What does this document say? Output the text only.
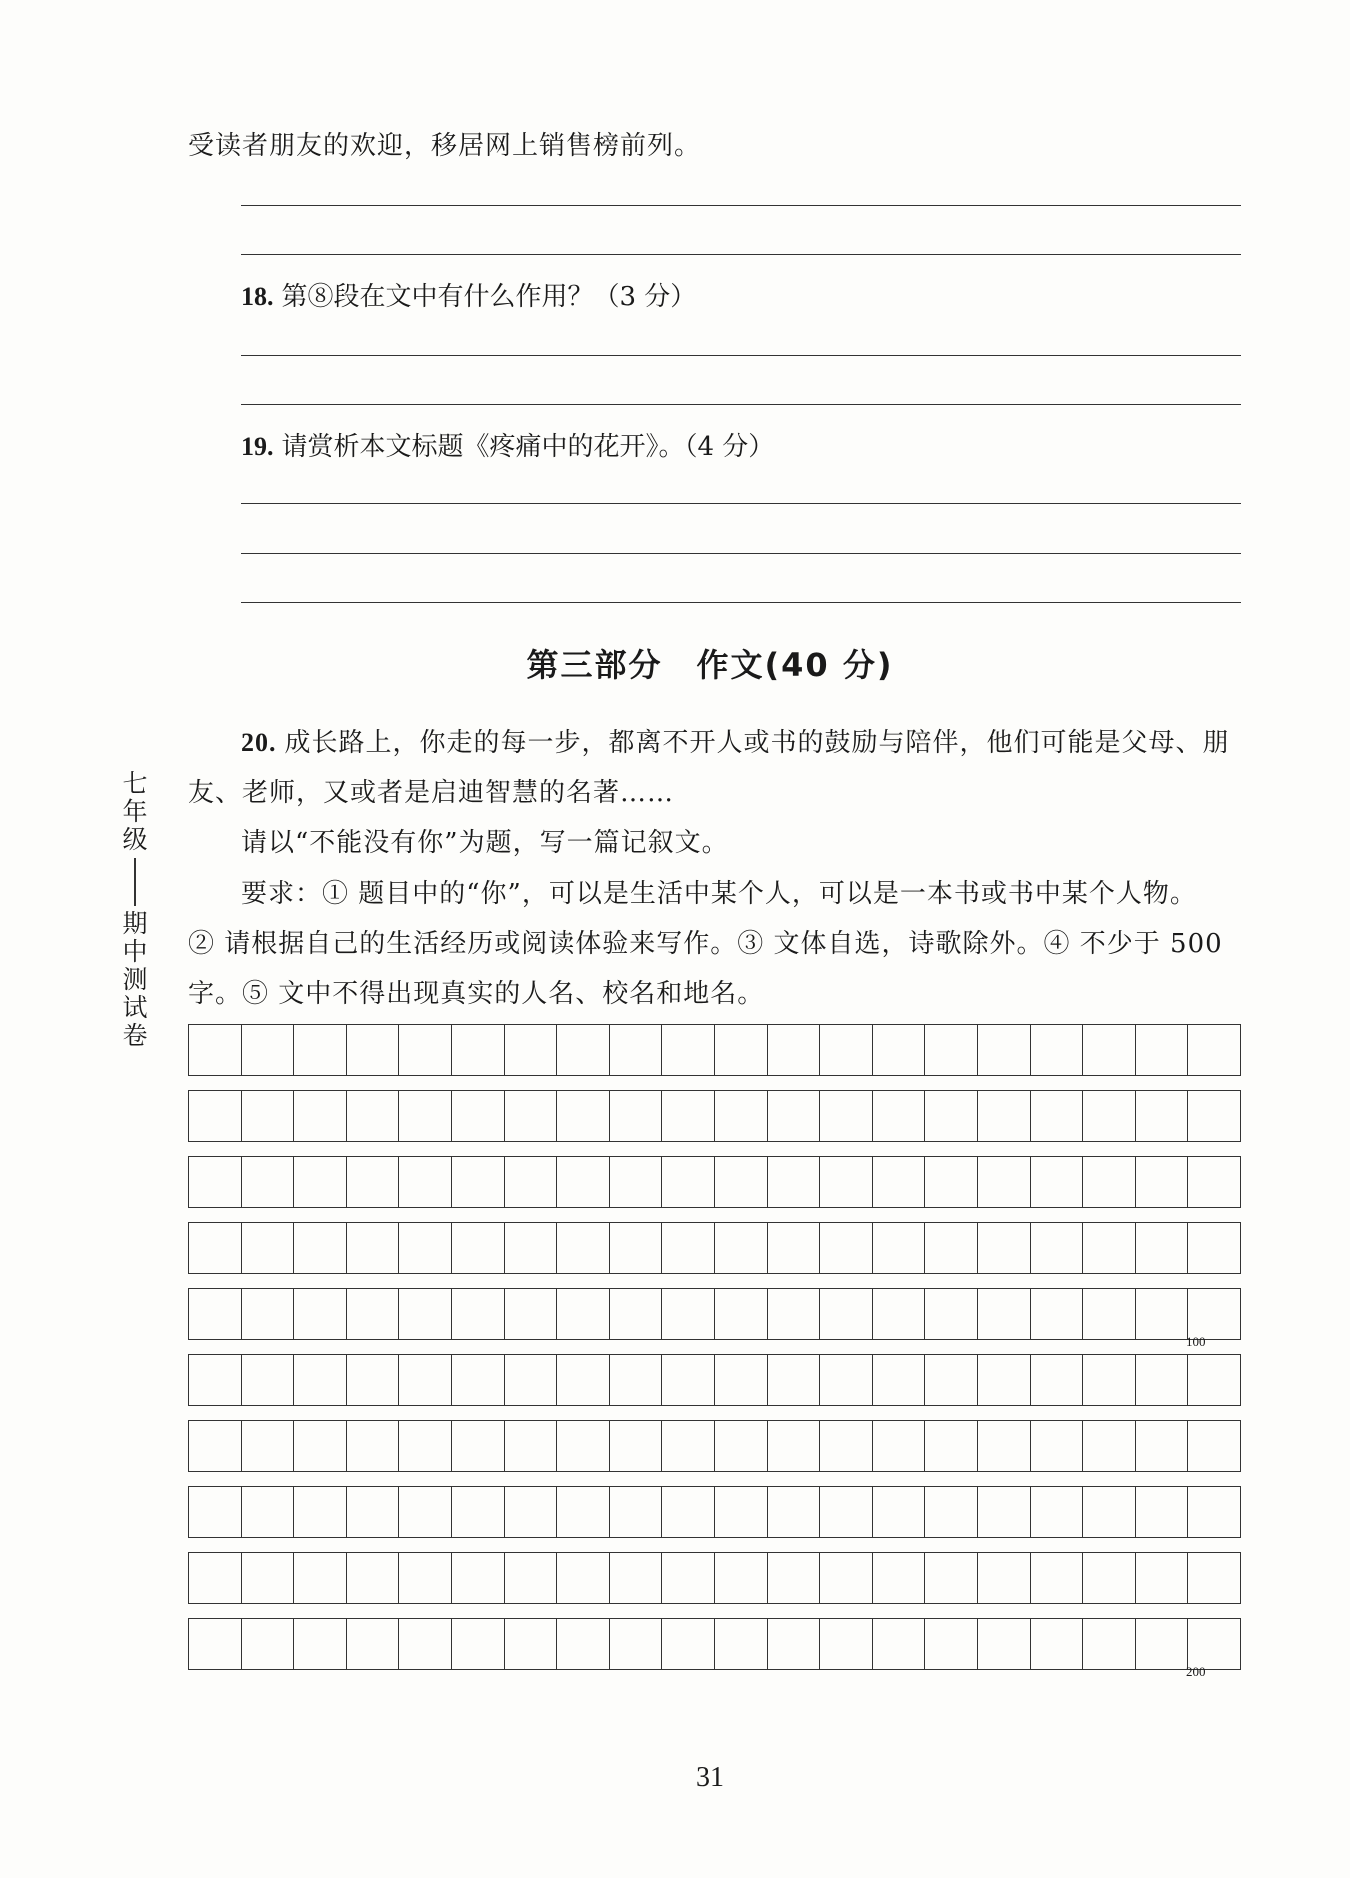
受读者朋友的欢迎，移居网上销售榜前列。
18. 第⑧段在文中有什么作用？（3 分）
19. 请赏析本文标题《疼痛中的花开》。（4 分）
第三部分　作文(40 分)
20. 成长路上，你走的每一步，都离不开人或书的鼓励与陪伴，他们可能是父母、朋
友、老师，又或者是启迪智慧的名著……
请以“不能没有你”为题，写一篇记叙文。
要求：① 题目中的“你”，可以是生活中某个人，可以是一本书或书中某个人物。
② 请根据自己的生活经历或阅读体验来写作。③ 文体自选，诗歌除外。④ 不少于 500
字。⑤ 文中不得出现真实的人名、校名和地名。
七年级
期中测试卷
100
200
31
